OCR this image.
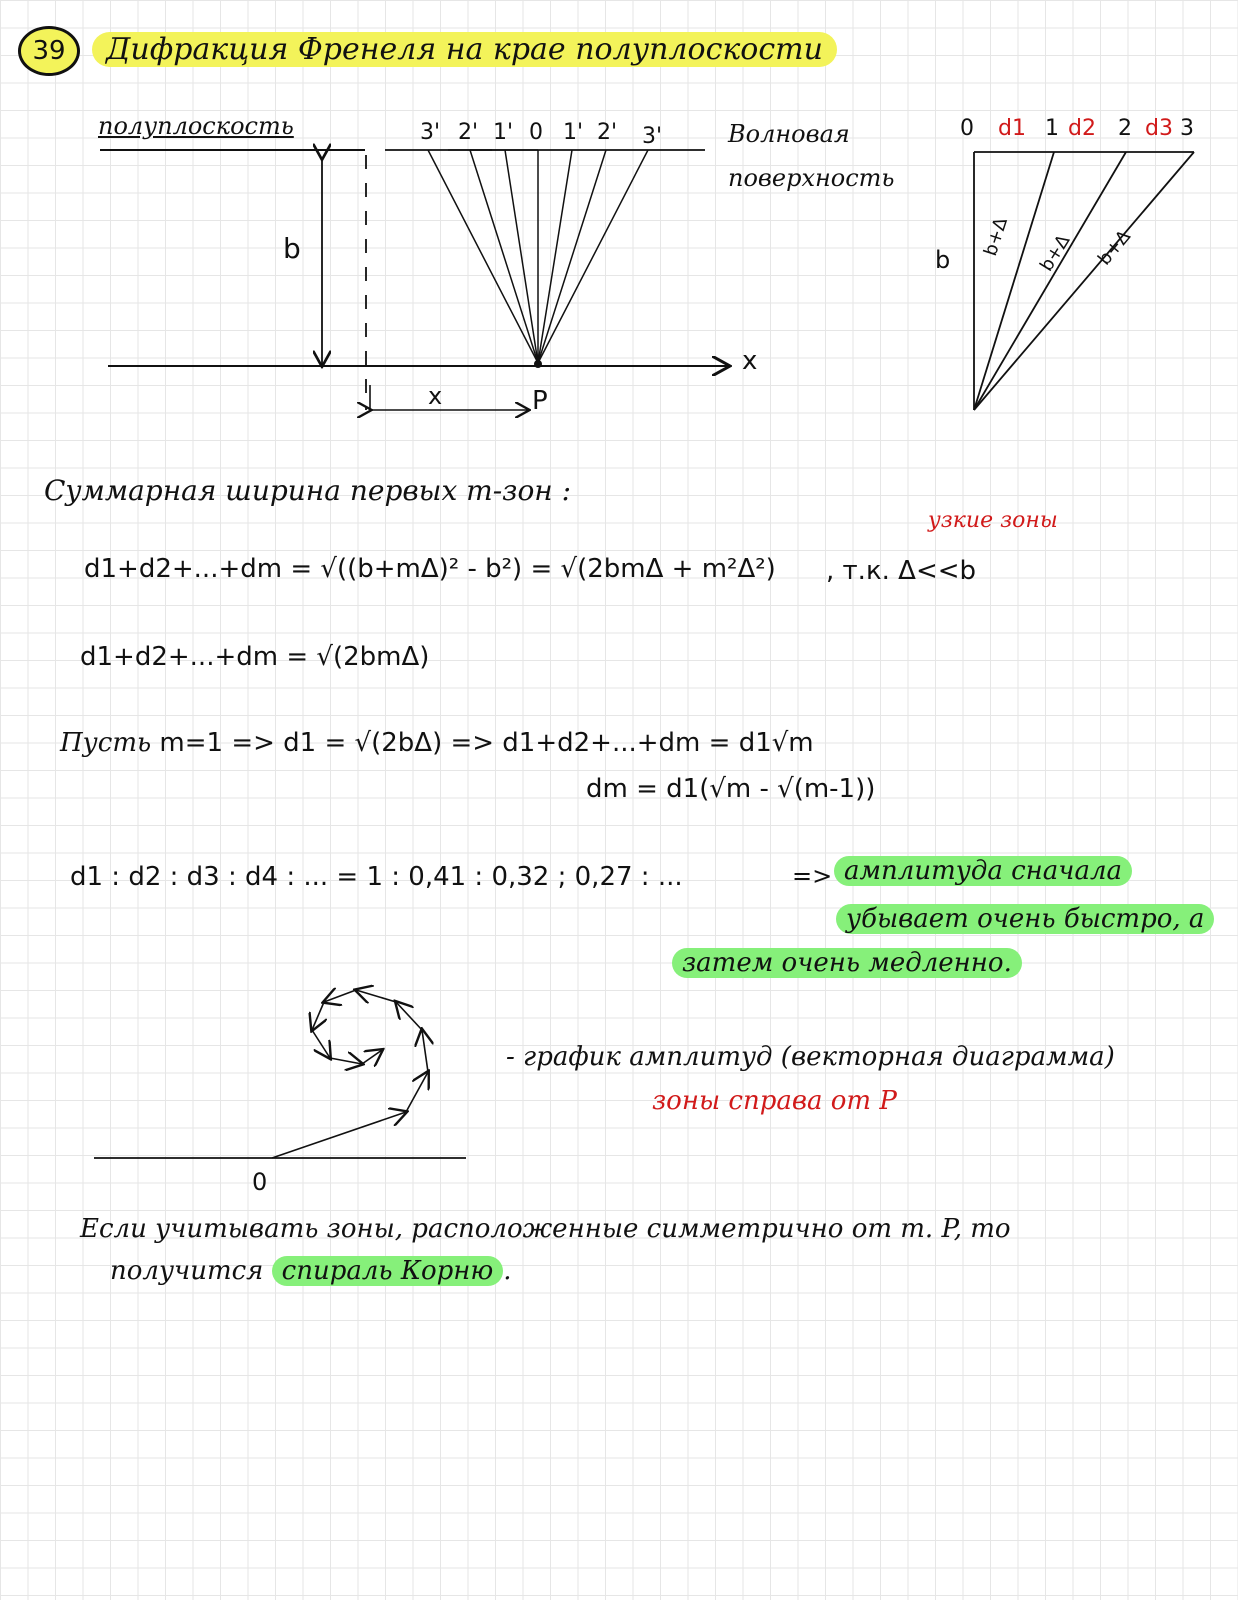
39 Дифракция Френеля на крае полуплоскости
полуплоскость
b
3' 2' 1' 0 1' 2' 3'	Волновая
поверхность
x
x	P
0 d1 1 d2 2 d3 3
b
b+Δ b+Δ b+Δ
Суммарная ширина первых m-зон :
узкие зоны
d1+d2+...+dm = √((b+mΔ)² - b²) = √(2bmΔ + m²Δ²) , т.к. Δ<<b
d1+d2+...+dm = √(2bmΔ)
Пусть m=1 => d1 = √(2bΔ) => d1+d2+...+dm = d1√m
dm = d1(√m - √(m-1))
d1 : d2 : d3 : d4 : ... = 1 : 0,41 : 0,32 ; 0,27 : ...	=> амплитуда сначала
убывает очень быстро, а
затем очень медленно.
0
- график амплитуд (векторная диаграмма)
зоны справа от P
Если учитывать зоны, расположенные симметрично от т. P, то
получится спираль Корню .
